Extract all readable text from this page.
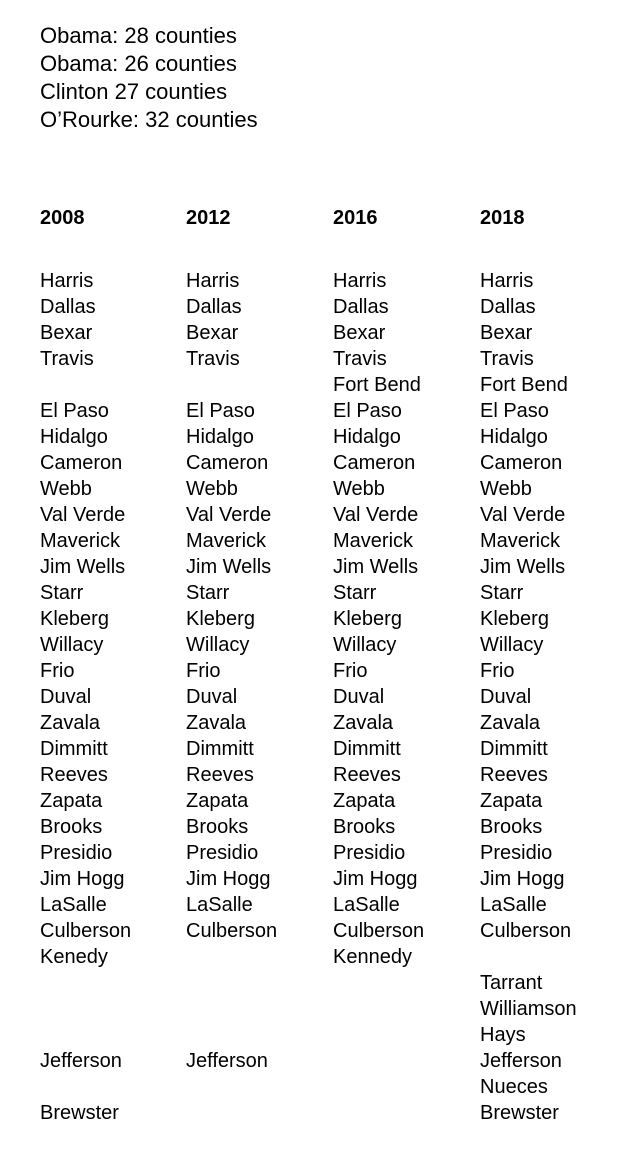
Obama: 28 counties
Obama: 26 counties
Clinton 27 counties
O’Rourke: 32 counties
2008
Harris
Dallas
Bexar
Travis
El Paso
Hidalgo
Cameron
Webb
Val Verde
Maverick
Jim Wells
Starr
Kleberg
Willacy
Frio
Duval
Zavala
Dimmitt
Reeves
Zapata
Brooks
Presidio
Jim Hogg
LaSalle
Culberson
Kenedy
Jefferson
Brewster
2012
Harris
Dallas
Bexar
Travis
El Paso
Hidalgo
Cameron
Webb
Val Verde
Maverick
Jim Wells
Starr
Kleberg
Willacy
Frio
Duval
Zavala
Dimmitt
Reeves
Zapata
Brooks
Presidio
Jim Hogg
LaSalle
Culberson
Jefferson
2016
Harris
Dallas
Bexar
Travis
Fort Bend
El Paso
Hidalgo
Cameron
Webb
Val Verde
Maverick
Jim Wells
Starr
Kleberg
Willacy
Frio
Duval
Zavala
Dimmitt
Reeves
Zapata
Brooks
Presidio
Jim Hogg
LaSalle
Culberson
Kennedy
2018
Harris
Dallas
Bexar
Travis
Fort Bend
El Paso
Hidalgo
Cameron
Webb
Val Verde
Maverick
Jim Wells
Starr
Kleberg
Willacy
Frio
Duval
Zavala
Dimmitt
Reeves
Zapata
Brooks
Presidio
Jim Hogg
LaSalle
Culberson
Tarrant
Williamson
Hays
Jefferson
Nueces
Brewster
